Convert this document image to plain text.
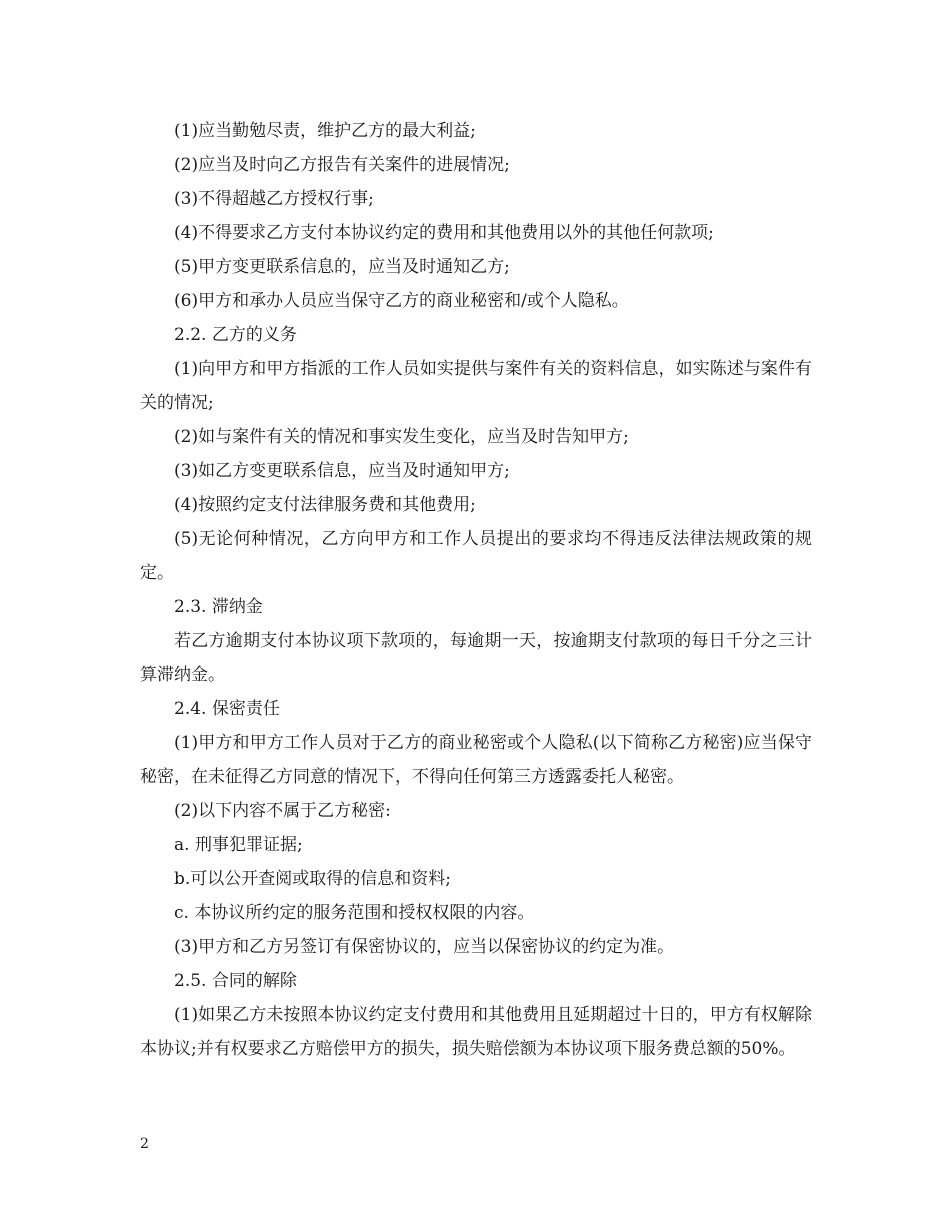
(1)应当勤勉尽责，维护乙方的最大利益;

(2)应当及时向乙方报告有关案件的进展情况;

(3)不得超越乙方授权行事;

(4)不得要求乙方支付本协议约定的费用和其他费用以外的其他任何款项;

(5)甲方变更联系信息的，应当及时通知乙方;

(6)甲方和承办人员应当保守乙方的商业秘密和/或个人隐私。

2.2. 乙方的义务

(1)向甲方和甲方指派的工作人员如实提供与案件有关的资料信息，如实陈述与案件有关的情况;

(2)如与案件有关的情况和事实发生变化，应当及时告知甲方;

(3)如乙方变更联系信息，应当及时通知甲方;

(4)按照约定支付法律服务费和其他费用;

(5)无论何种情况，乙方向甲方和工作人员提出的要求均不得违反法律法规政策的规定。

2.3. 滞纳金

若乙方逾期支付本协议项下款项的，每逾期一天，按逾期支付款项的每日千分之三计算滞纳金。

2.4. 保密责任

(1)甲方和甲方工作人员对于乙方的商业秘密或个人隐私(以下简称乙方秘密)应当保守秘密，在未征得乙方同意的情况下，不得向任何第三方透露委托人秘密。

(2)以下内容不属于乙方秘密:

a. 刑事犯罪证据;

b.可以公开查阅或取得的信息和资料;

c. 本协议所约定的服务范围和授权权限的内容。

(3)甲方和乙方另签订有保密协议的，应当以保密协议的约定为准。

2.5. 合同的解除

(1)如果乙方未按照本协议约定支付费用和其他费用且延期超过十日的，甲方有权解除本协议;并有权要求乙方赔偿甲方的损失，损失赔偿额为本协议项下服务费总额的50%。

2
